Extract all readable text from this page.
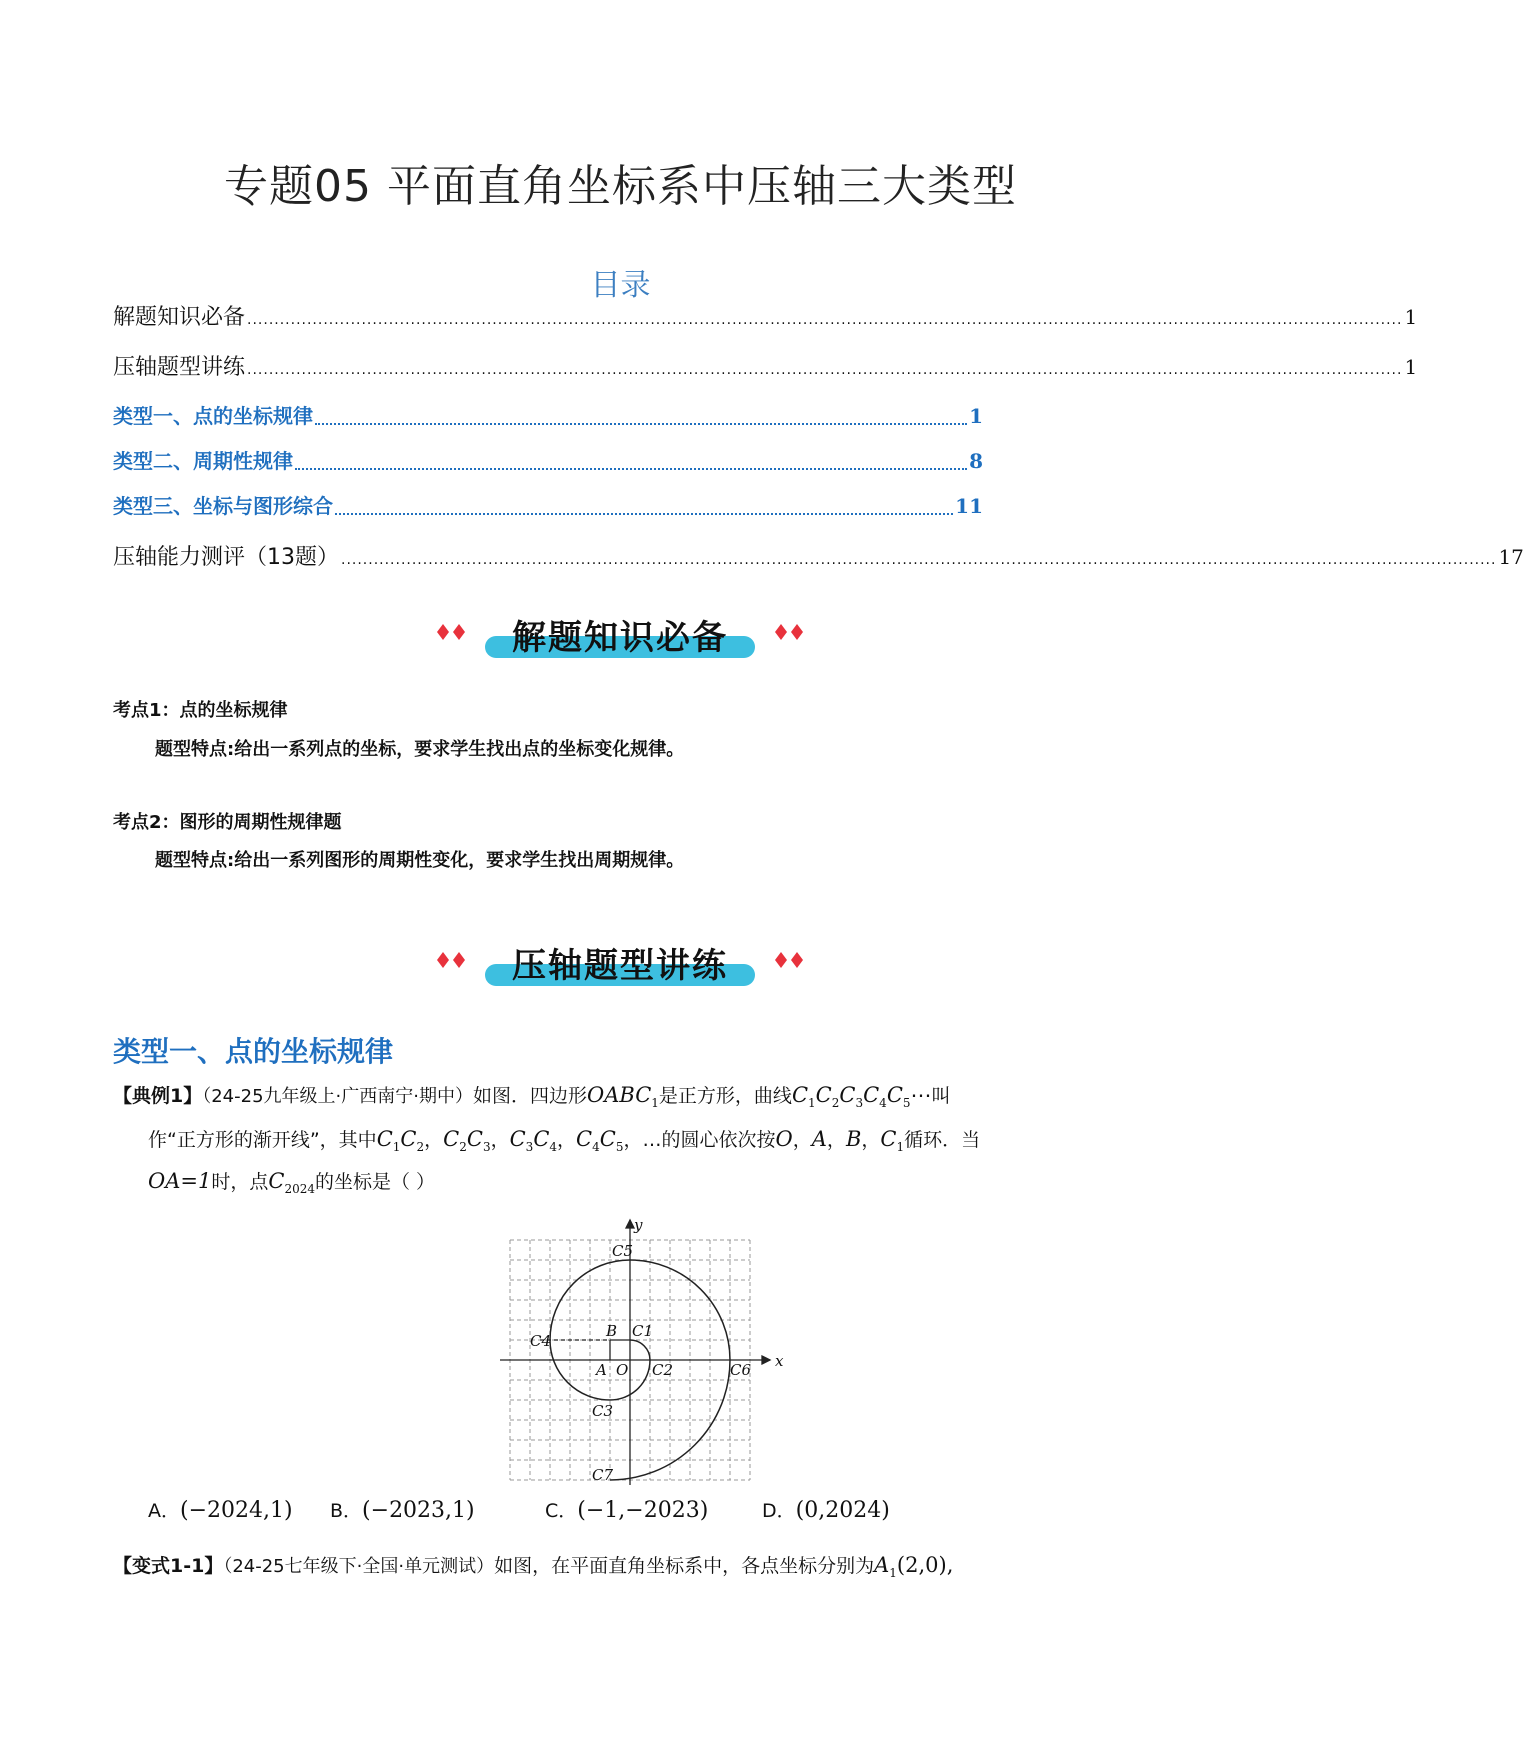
专题05 平面直角坐标系中压轴三大类型
目录
解题知识必备 .................................................................................................................................................................................................................... 1
压轴题型讲练 .................................................................................................................................................................................................................... 1
类型一、点的坐标规律	1
类型二、周期性规律	8
类型三、坐标与图形综合	11
压轴能力测评（13题） .................................................................................................................................................................................................................... 17
解题知识必备
考点1：点的坐标规律
题型特点:给出一系列点的坐标，要求学生找出点的坐标变化规律。
考点2：图形的周期性规律题
题型特点:给出一系列图形的周期性变化，要求学生找出周期规律。
压轴题型讲练
类型一、点的坐标规律
【典例1】（24-25九年级上·广西南宁·期中）如图．四边形$OABC_1$是正方形，曲线$C_1C_2C_3C_4C_5\cdots$叫
作“正方形的渐开线”，其中$C_1C_2$，$C_2C_3$，$C_3C_4$，$C_4C_5$，…的圆心依次按O，A，B，$C_1$循环．当
OA=1时，点$C_{2024}$的坐标是（ ）
y
x
O
A
B C1
C2
C3
C4
C5
C6
C7
A．(−2024,1) B．(−2023,1)	C．(−1,−2023)	D．(0,2024)
【变式1-1】（24-25七年级下·全国·单元测试）如图，在平面直角坐标系中，各点坐标分别为$A_1(2,0)$,
